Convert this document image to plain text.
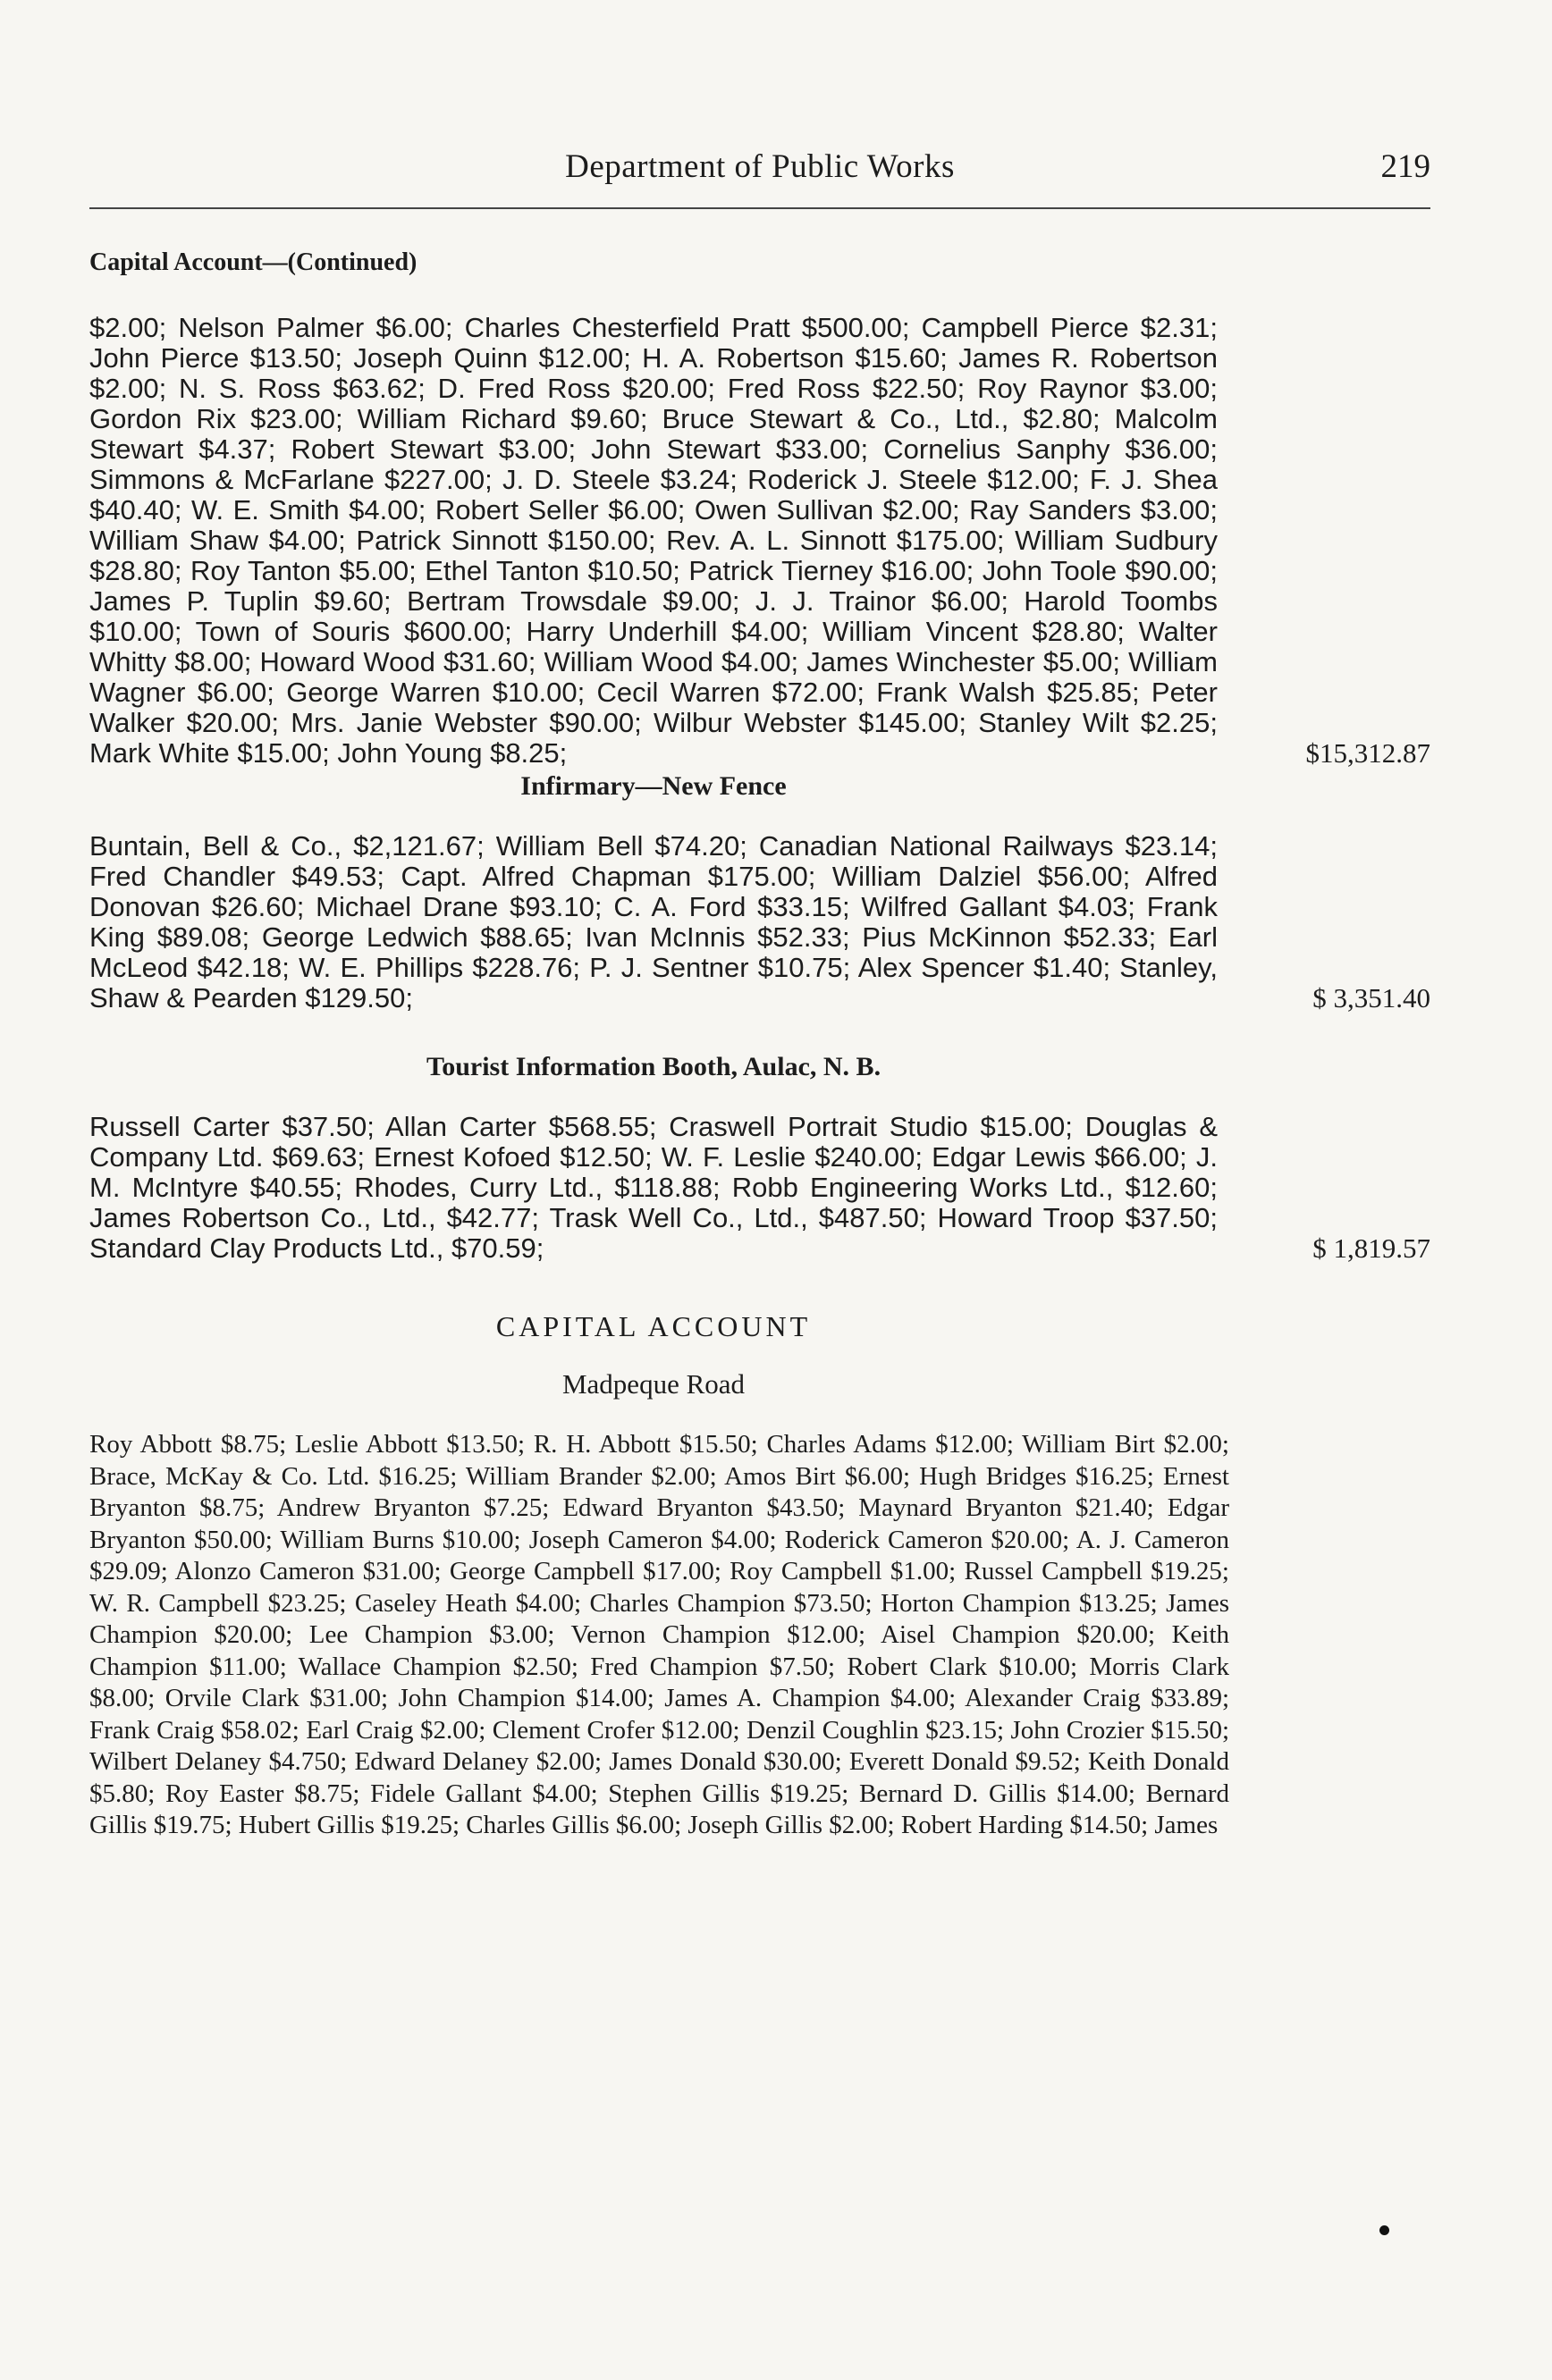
Department of Public Works	219
Capital Account—(Continued)

$2.00; Nelson Palmer $6.00; Charles Chesterfield Pratt $500.00; Campbell Pierce $2.31; John Pierce $13.50; Joseph Quinn $12.00; H. A. Robertson $15.60; James R. Robertson $2.00; N. S. Ross $63.62; D. Fred Ross $20.00; Fred Ross $22.50; Roy Raynor $3.00; Gordon Rix $23.00; William Richard $9.60; Bruce Stewart & Co., Ltd., $2.80; Malcolm Stewart $4.37; Robert Stewart $3.00; John Stewart $33.00; Cornelius Sanphy $36.00; Simmons & McFarlane $227.00; J. D. Steele $3.24; Roderick J. Steele $12.00; F. J. Shea $40.40; W. E. Smith $4.00; Robert Seller $6.00; Owen Sullivan $2.00; Ray Sanders $3.00; William Shaw $4.00; Patrick Sinnott $150.00; Rev. A. L. Sinnott $175.00; William Sudbury $28.80; Roy Tanton $5.00; Ethel Tanton $10.50; Patrick Tierney $16.00; John Toole $90.00; James P. Tuplin $9.60; Bertram Trowsdale $9.00; J. J. Trainor $6.00; Harold Toombs $10.00; Town of Souris $600.00; Harry Underhill $4.00; William Vincent $28.80; Walter Whitty $8.00; Howard Wood $31.60; William Wood $4.00; James Winchester $5.00; William Wagner $6.00; George Warren $10.00; Cecil Warren $72.00; Frank Walsh $25.85; Peter Walker $20.00; Mrs. Janie Webster $90.00; Wilbur Webster $145.00; Stanley Wilt $2.25; Mark White $15.00; John Young $8.25;	$15,312.87

Infirmary—New Fence

Buntain, Bell & Co., $2,121.67; William Bell $74.20; Canadian National Railways $23.14; Fred Chandler $49.53; Capt. Alfred Chapman $175.00; William Dalziel $56.00; Alfred Donovan $26.60; Michael Drane $93.10; C. A. Ford $33.15; Wilfred Gallant $4.03; Frank King $89.08; George Ledwich $88.65; Ivan McInnis $52.33; Pius McKinnon $52.33; Earl McLeod $42.18; W. E. Phillips $228.76; P. J. Sentner $10.75; Alex Spencer $1.40; Stanley, Shaw & Pearden $129.50;	$ 3,351.40

Tourist Information Booth, Aulac, N. B.

Russell Carter $37.50; Allan Carter $568.55; Craswell Portrait Studio $15.00; Douglas & Company Ltd. $69.63; Ernest Kofoed $12.50; W. F. Leslie $240.00; Edgar Lewis $66.00; J. M. McIntyre $40.55; Rhodes, Curry Ltd., $118.88; Robb Engineering Works Ltd., $12.60; James Robertson Co., Ltd., $42.77; Trask Well Co., Ltd., $487.50; Howard Troop $37.50; Standard Clay Products Ltd., $70.59;	$ 1,819.57

CAPITAL ACCOUNT

Madpeque Road

Roy Abbott $8.75; Leslie Abbott $13.50; R. H. Abbott $15.50; Charles Adams $12.00; William Birt $2.00; Brace, McKay & Co. Ltd. $16.25; William Brander $2.00; Amos Birt $6.00; Hugh Bridges $16.25; Ernest Bryanton $8.75; Andrew Bryanton $7.25; Edward Bryanton $43.50; Maynard Bryanton $21.40; Edgar Bryanton $50.00; William Burns $10.00; Joseph Cameron $4.00; Roderick Cameron $20.00; A. J. Cameron $29.09; Alonzo Cameron $31.00; George Campbell $17.00; Roy Campbell $1.00; Russel Campbell $19.25; W. R. Campbell $23.25; Caseley Heath $4.00; Charles Champion $73.50; Horton Champion $13.25; James Champion $20.00; Lee Champion $3.00; Vernon Champion $12.00; Aisel Champion $20.00; Keith Champion $11.00; Wallace Champion $2.50; Fred Champion $7.50; Robert Clark $10.00; Morris Clark $8.00; Orvile Clark $31.00; John Champion $14.00; James A. Champion $4.00; Alexander Craig $33.89; Frank Craig $58.02; Earl Craig $2.00; Clement Crofer $12.00; Denzil Coughlin $23.15; John Crozier $15.50; Wilbert Delaney $4.750; Edward Delaney $2.00; James Donald $30.00; Everett Donald $9.52; Keith Donald $5.80; Roy Easter $8.75; Fidele Gallant $4.00; Stephen Gillis $19.25; Bernard D. Gillis $14.00; Bernard Gillis $19.75; Hubert Gillis $19.25; Charles Gillis $6.00; Joseph Gillis $2.00; Robert Harding $14.50; James
